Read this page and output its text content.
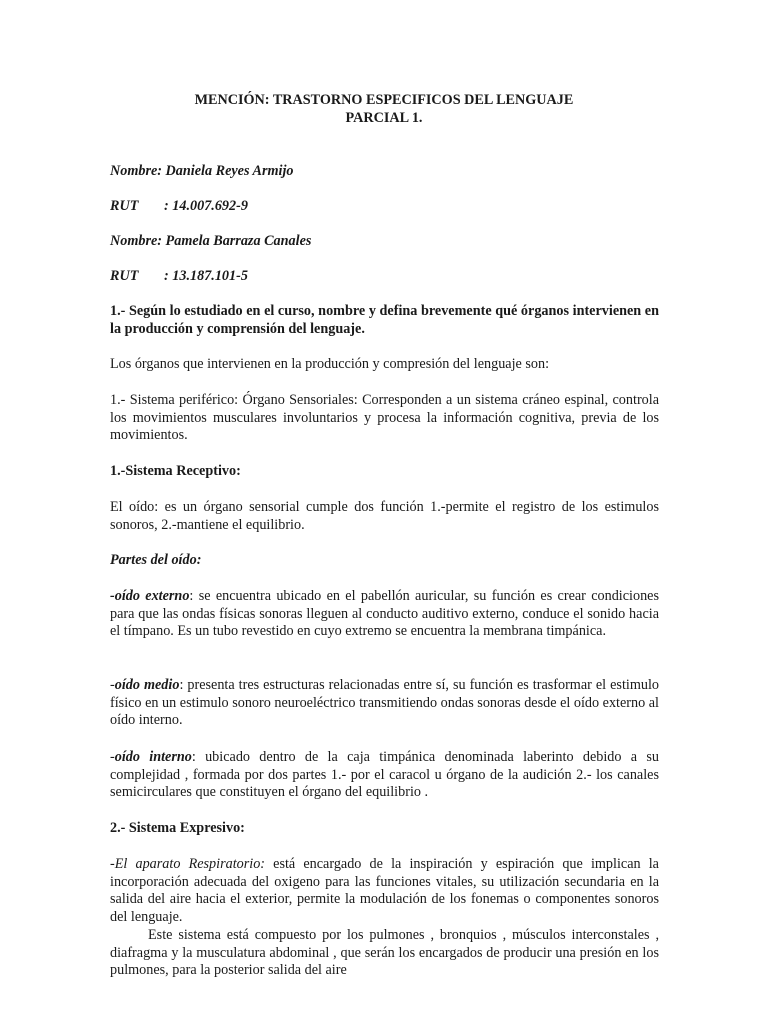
MENCIÓN: TRASTORNO ESPECIFICOS DEL LENGUAJE
PARCIAL 1.

Nombre: Daniela Reyes Armijo

RUT : 14.007.692-9

Nombre: Pamela Barraza Canales

RUT : 13.187.101-5

1.- Según lo estudiado en el curso, nombre y defina brevemente qué órganos intervienen en la producción y comprensión del lenguaje.

Los órganos que intervienen en la producción y compresión del lenguaje son:

1.- Sistema periférico: Órgano Sensoriales: Corresponden a un sistema cráneo espinal, controla los movimientos musculares involuntarios y procesa la información cognitiva, previa de los movimientos.

1.-Sistema Receptivo:

El oído: es un órgano sensorial cumple dos función 1.-permite el registro de los estimulos sonoros, 2.-mantiene el equilibrio.

Partes del oído:

-oído externo: se encuentra ubicado en el pabellón auricular, su función es crear condiciones para que las ondas físicas sonoras lleguen al conducto auditivo externo, conduce el sonido hacia el tímpano. Es un tubo revestido en cuyo extremo se encuentra la membrana timpánica.

-oído medio: presenta tres estructuras relacionadas entre sí, su función es trasformar el estimulo físico en un estimulo sonoro neuroeléctrico transmitiendo ondas sonoras desde el oído externo al oído interno.

-oído interno: ubicado dentro de la caja timpánica denominada laberinto debido a su complejidad , formada por dos partes 1.- por el caracol u órgano de la audición 2.- los canales semicirculares que constituyen el órgano del equilibrio .

2.- Sistema Expresivo:

-El aparato Respiratorio: está encargado de la inspiración y espiración que implican la incorporación adecuada del oxigeno para las funciones vitales, su utilización secundaria en la salida del aire hacia el exterior, permite la modulación de los fonemas o componentes sonoros del lenguaje.

Este sistema está compuesto por los pulmones , bronquios , músculos interconstales , diafragma y la musculatura abdominal , que serán los encargados de producir una presión en los pulmones, para la posterior salida del aire
